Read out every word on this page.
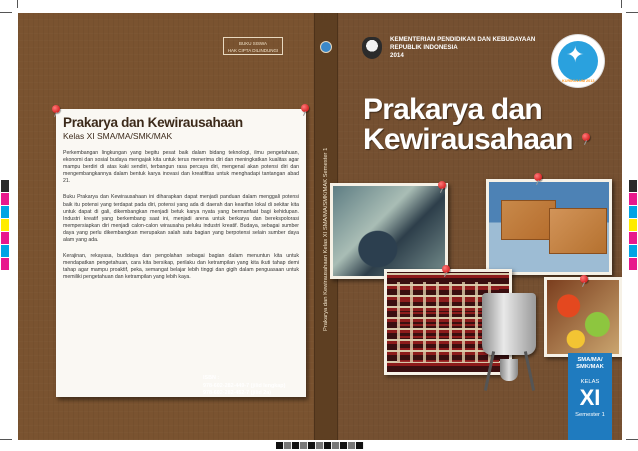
BUKU SISWA
HAK CIPTA DILINDUNGI
Prakarya dan Kewirausahaan
Kelas XI SMA/MA/SMK/MAK

Perkembangan lingkungan yang begitu pesat baik dalam bidang teknologi, ilmu pengetahuan, ekonomi dan sosial budaya mengajak kita untuk terus menerima diri dan meningkatkan kualitas agar mampu berdiri di atas kaki sendiri, terbangun rasa percaya diri, mengenal akan potensi diri dan mengembangkannya dalam bentuk karya inovasi dan kreatifitas untuk menghadapi tantangan abad 21.

Buku Prakarya dan Kewirausahaan ini diharapkan dapat menjadi panduan dalam menggali potensi baik itu potensi yang terdapat pada diri, potensi yang ada di daerah dan kearifan lokal di sekitar kita untuk dapat di gali, dikembangkan menjadi betuk karya nyata yang bermanfaat bagi kehidupan. Industri kreatif yang berkembang saat ini, menjadi arena untuk berkarya dan berekspolorasi mempersiapkan diri menjadi calon-calon wirausaha peluku industri kreatif. Budaya, sebagai sumber daya yang perlu dikembangkan merupakan salah satu bagian yang berpotensi selain sumber daya alam yang ada.

Kerajinan, rekayasa, budidaya dan pengolahan sebagai bagian dalam menuntun kita untuk mendapatkan pengetahuan, cara kita bersikap, perilaku dan ketrampilan yang kita ikuti tahap demi tahap agar mampu proaktif, peka, semangat belajar lebih tinggi dan gigih dalam penguasaan untuk memiliki pengetahuan dan ketrampilan yang lebih kaya.

ISBN :
978-602-282-449-7 (jilid lengkap)
978-602-282-452-7 (jilid 2a)
Prakarya dan Kewirausahaan Kelas XI SMA/MA/SMK/MAK Semester 1
KEMENTERIAN PENDIDIKAN DAN KEBUDAYAAN
REPUBLIK INDONESIA
2014	✦
KURIKULUM 2013
Prakarya dan
Kewirausahaan
SMA/MA/
SMK/MAK
KELAS
XI
Semester 1
